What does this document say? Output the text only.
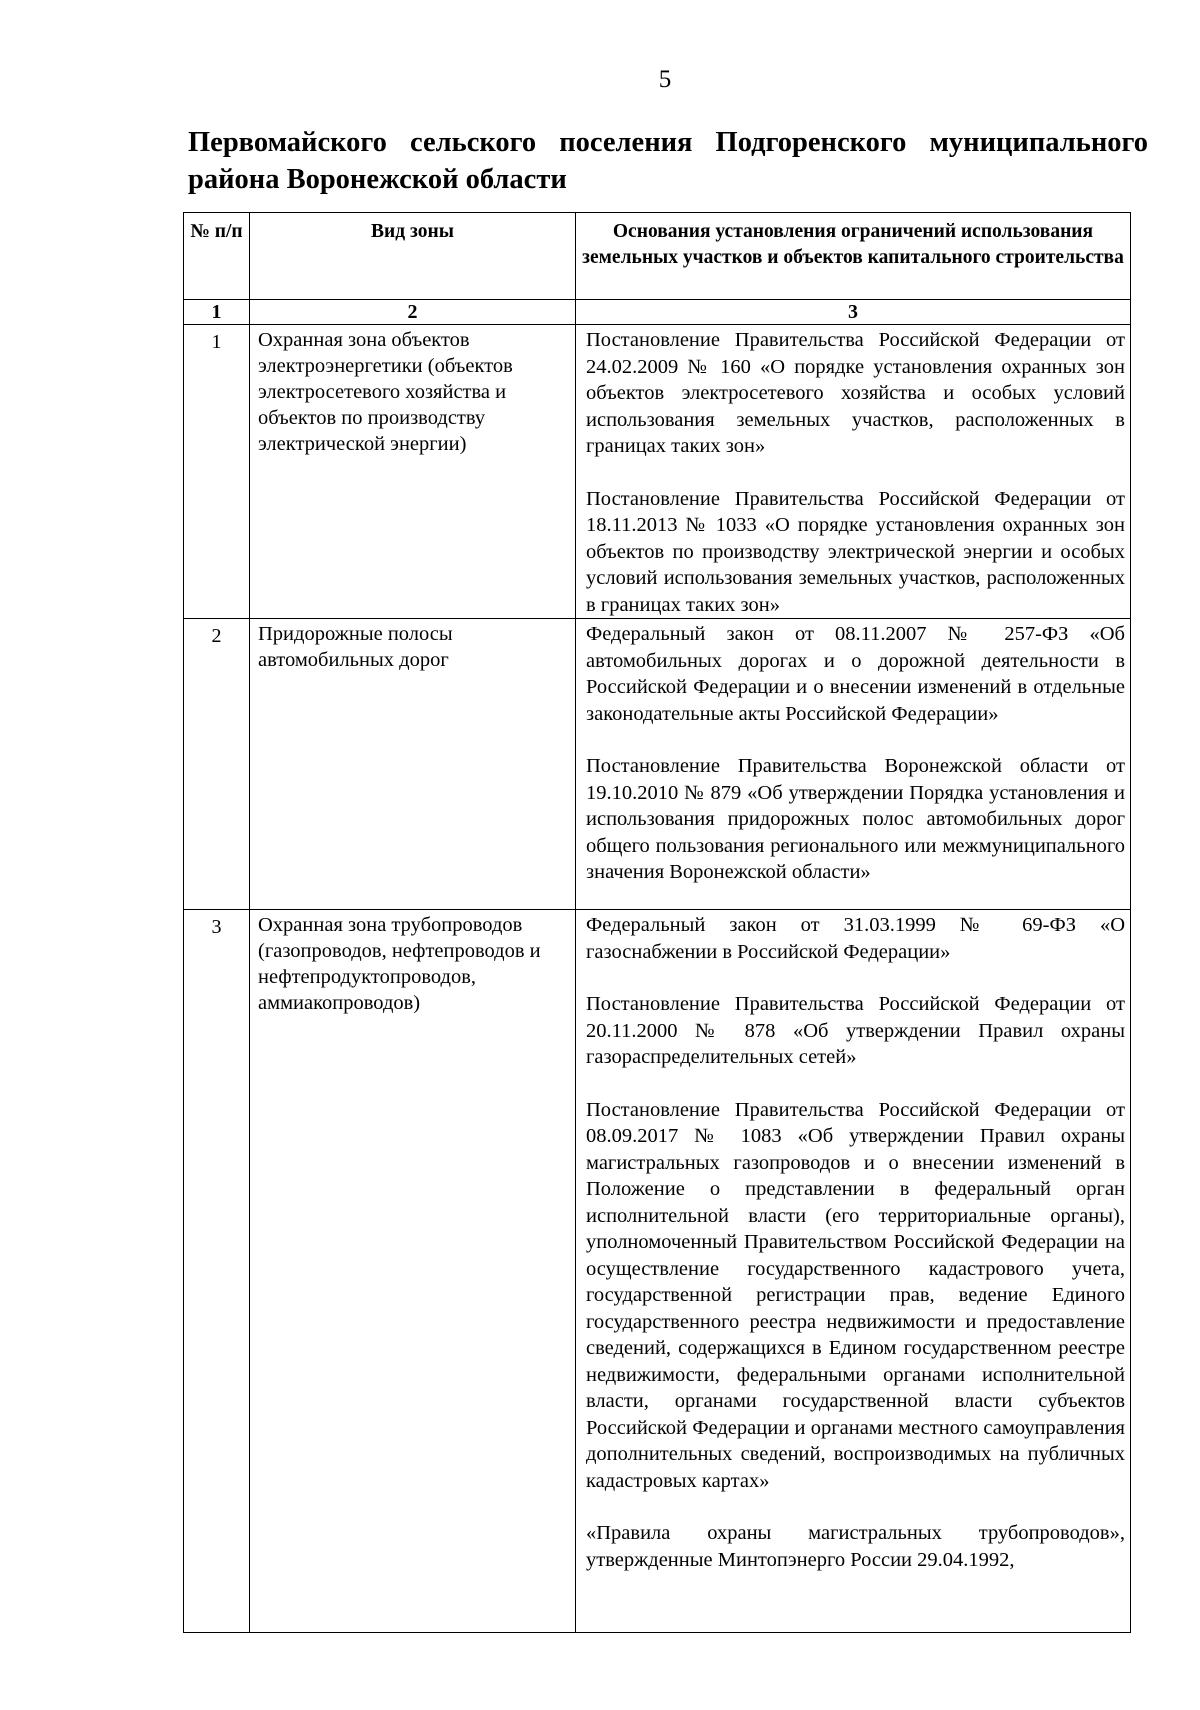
5
Первомайского сельского поселения Подгоренского муниципального
района Воронежской области
№ п/п	Вид зоны	Основания установления ограничений использования земельных участков и объектов капитального строительства
1	2	3
1	Охранная зона объектов электроэнергетики (объектов электросетевого хозяйства и объектов по производству электрической энергии)	Постановление Правительства Российской Федерации от 24.02.2009 № 160 «О порядке установления охранных зон объектов электросетевого хозяйства и особых условий использования земельных участков, расположенных в границах таких зон»

Постановление Правительства Российской Федерации от 18.11.2013 № 1033 «О порядке установления охранных зон объектов по производству электрической энергии и особых условий использования земельных участков, расположенных в границах таких зон»

2	Придорожные полосы автомобильных дорог	Федеральный закон от 08.11.2007 № 257-ФЗ «Об автомобильных дорогах и о дорожной деятельности в Российской Федерации и о внесении изменений в отдельные законодательные акты Российской Федерации»

Постановление Правительства Воронежской области от 19.10.2010 № 879 «Об утверждении Порядка установления и использования придорожных полос автомобильных дорог общего пользования регионального или межмуниципального значения Воронежской области»

3	Охранная зона трубопроводов (газопроводов, нефтепроводов и нефтепродуктопроводов, аммиакопроводов)	Федеральный закон от 31.03.1999 № 69-ФЗ «О газоснабжении в Российской Федерации»

Постановление Правительства Российской Федерации от 20.11.2000 № 878 «Об утверждении Правил охраны газораспределительных сетей»

Постановление Правительства Российской Федерации от 08.09.2017 № 1083 «Об утверждении Правил охраны магистральных газопроводов и о внесении изменений в Положение о представлении в федеральный орган исполнительной власти (его территориальные органы), уполномоченный Правительством Российской Федерации на осуществление государственного кадастрового учета, государственной регистрации прав, ведение Единого государственного реестра недвижимости и предоставление сведений, содержащихся в Едином государственном реестре недвижимости, федеральными органами исполнительной власти, органами государственной власти субъектов Российской Федерации и органами местного самоуправления дополнительных сведений, воспроизводимых на публичных кадастровых картах»

«Правила охраны магистральных трубопроводов», утвержденные Минтопэнерго России 29.04.1992,
